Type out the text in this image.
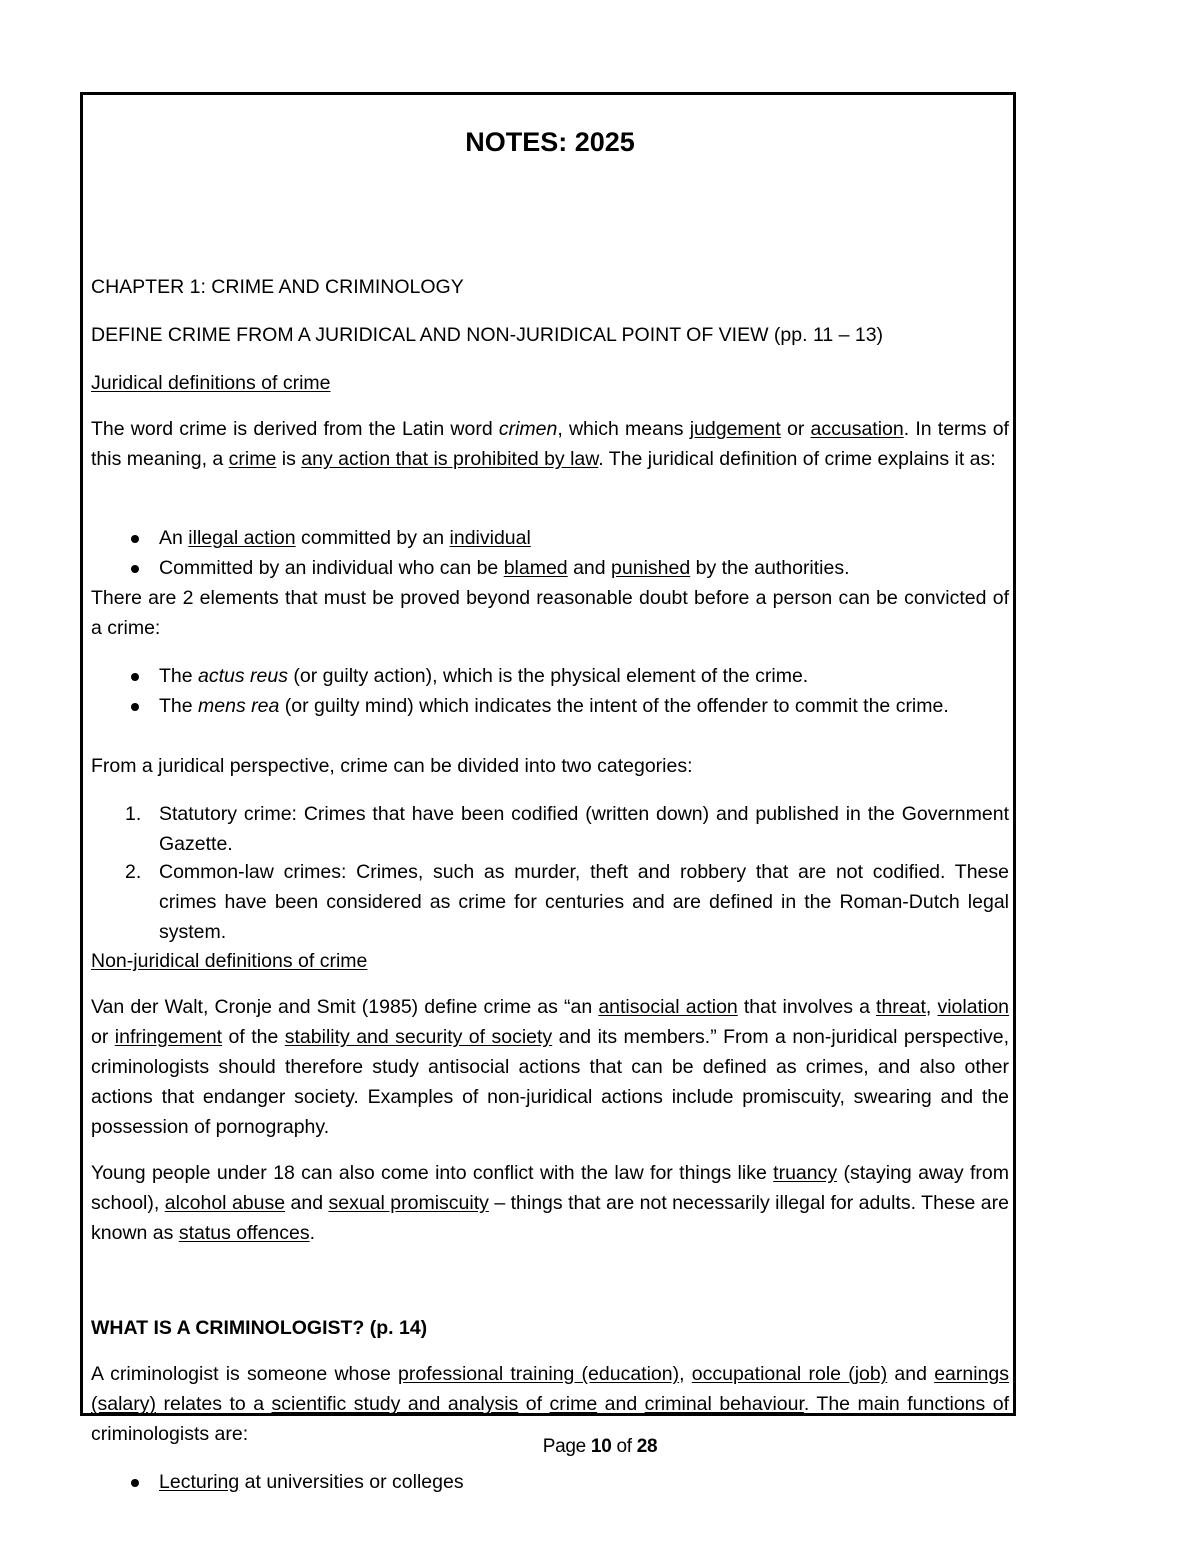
NOTES: 2025

CHAPTER 1: CRIME AND CRIMINOLOGY

DEFINE CRIME FROM A JURIDICAL AND NON-JURIDICAL POINT OF VIEW (pp. 11 – 13)

Juridical definitions of crime

The word crime is derived from the Latin word crimen, which means judgement or accusation. In terms of this meaning, a crime is any action that is prohibited by law. The juridical definition of crime explains it as:

An illegal action committed by an individual
Committed by an individual who can be blamed and punished by the authorities.

There are 2 elements that must be proved beyond reasonable doubt before a person can be convicted of a crime:

The actus reus (or guilty action), which is the physical element of the crime.
The mens rea (or guilty mind) which indicates the intent of the offender to commit the crime.

From a juridical perspective, crime can be divided into two categories:

1. Statutory crime: Crimes that have been codified (written down) and published in the Government Gazette.
2. Common-law crimes: Crimes, such as murder, theft and robbery that are not codified. These crimes have been considered as crime for centuries and are defined in the Roman-Dutch legal system.

Non-juridical definitions of crime

Van der Walt, Cronje and Smit (1985) define crime as “an antisocial action that involves a threat, violation or infringement of the stability and security of society and its members.” From a non-juridical perspective, criminologists should therefore study antisocial actions that can be defined as crimes, and also other actions that endanger society. Examples of non-juridical actions include promiscuity, swearing and the possession of pornography.

Young people under 18 can also come into conflict with the law for things like truancy (staying away from school), alcohol abuse and sexual promiscuity – things that are not necessarily illegal for adults. These are known as status offences.

WHAT IS A CRIMINOLOGIST? (p. 14)

A criminologist is someone whose professional training (education), occupational role (job) and earnings (salary) relates to a scientific study and analysis of crime and criminal behaviour. The main functions of criminologists are:

Lecturing at universities or colleges
Page 10 of 28
